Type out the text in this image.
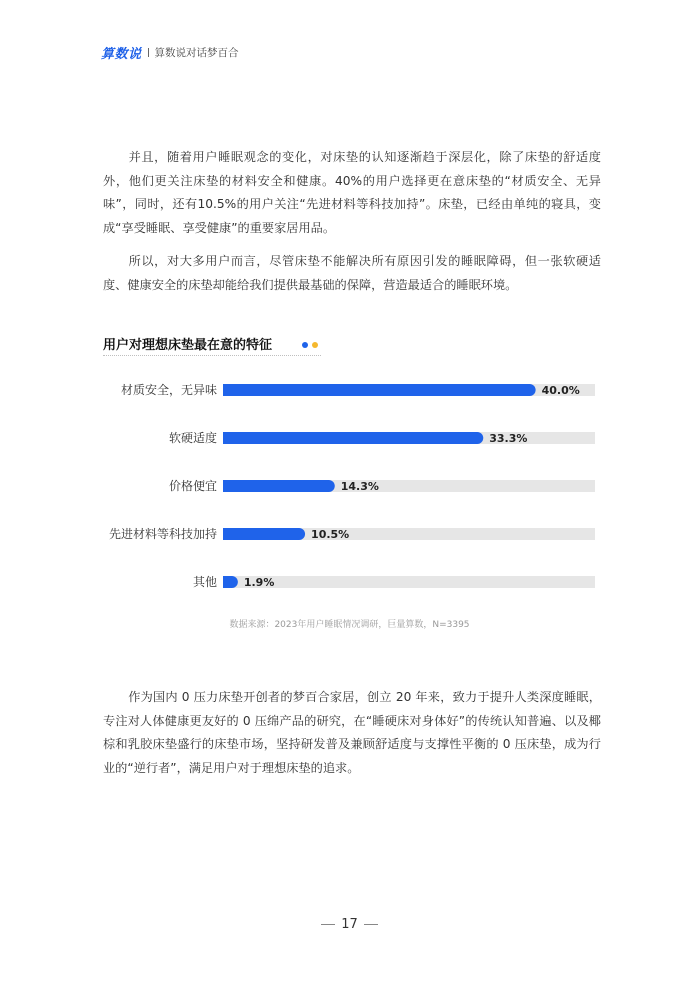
算数说 算数说对话梦百合

并且，随着用户睡眠观念的变化，对床垫的认知逐渐趋于深层化，除了床垫的舒适度外，他们更关注床垫的材料安全和健康。40%的用户选择更在意床垫的“材质安全、无异味”，同时，还有10.5%的用户关注“先进材料等科技加持”。床垫，已经由单纯的寝具，变成“享受睡眠、享受健康”的重要家居用品。

所以，对大多用户而言，尽管床垫不能解决所有原因引发的睡眠障碍，但一张软硬适度、健康安全的床垫却能给我们提供最基础的保障，营造最适合的睡眠环境。

用户对理想床垫最在意的特征
材质安全，无异味	40.0%
软硬适度	33.3%
价格便宜	14.3%
先进材料等科技加持	10.5%
其他 1.9%
数据来源：2023年用户睡眠情况调研，巨量算数，N=3395

作为国内 0 压力床垫开创者的梦百合家居，创立 20 年来，致力于提升人类深度睡眠，专注对人体健康更友好的 0 压绵产品的研究，在“睡硬床对身体好”的传统认知普遍、以及椰棕和乳胶床垫盛行的床垫市场，坚持研发普及兼顾舒适度与支撑性平衡的 0 压床垫，成为行业的“逆行者”，满足用户对于理想床垫的追求。

17
